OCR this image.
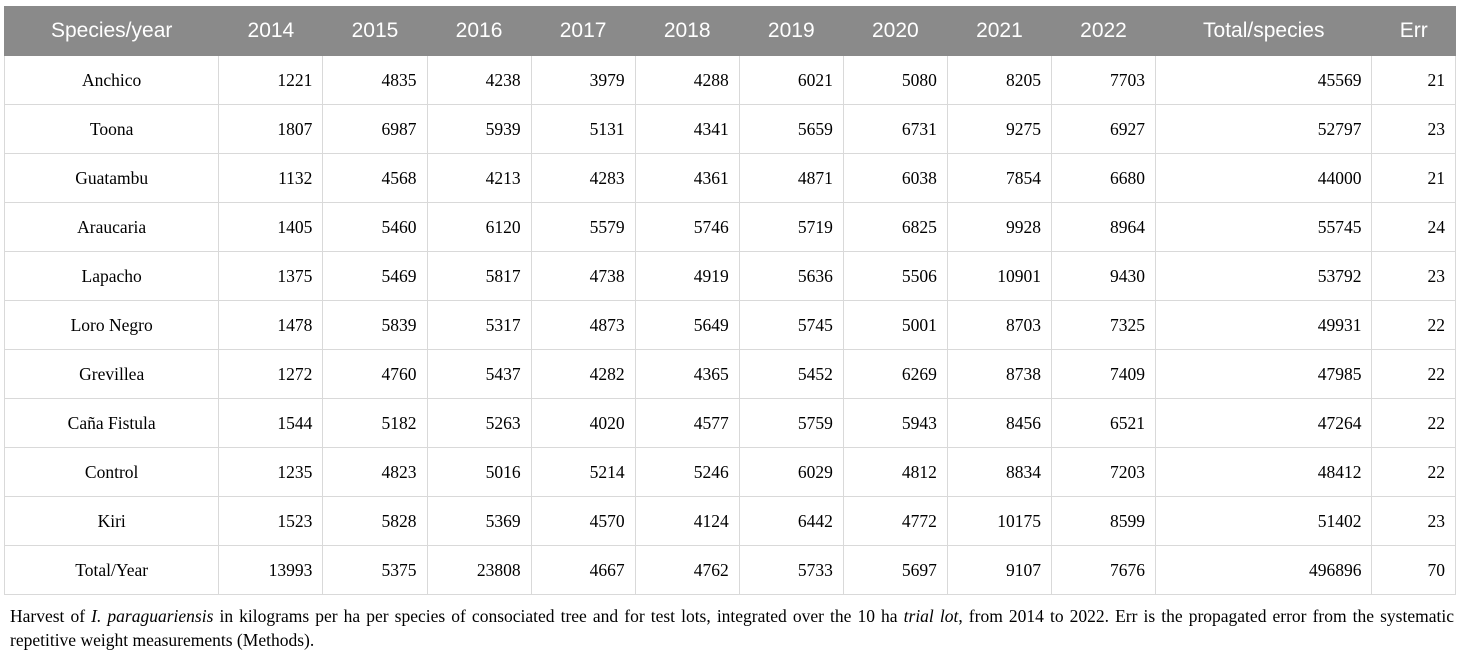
Species/year	2014	2015	2016	2017	2018	2019	2020	2021	2022	Total/species	Err
Anchico	1221	4835	4238	3979	4288	6021	5080	8205	7703	45569	21
Toona	1807	6987	5939	5131	4341	5659	6731	9275	6927	52797	23
Guatambu	1132	4568	4213	4283	4361	4871	6038	7854	6680	44000	21
Araucaria	1405	5460	6120	5579	5746	5719	6825	9928	8964	55745	24
Lapacho	1375	5469	5817	4738	4919	5636	5506	10901	9430	53792	23
Loro Negro	1478	5839	5317	4873	5649	5745	5001	8703	7325	49931	22
Grevillea	1272	4760	5437	4282	4365	5452	6269	8738	7409	47985	22
Caña Fistula	1544	5182	5263	4020	4577	5759	5943	8456	6521	47264	22
Control	1235	4823	5016	5214	5246	6029	4812	8834	7203	48412	22
Kiri	1523	5828	5369	4570	4124	6442	4772	10175	8599	51402	23
Total/Year	13993	5375	23808	4667	4762	5733	5697	9107	7676	496896	70
Harvest of I. paraguariensis in kilograms per ha per species of consociated tree and for test lots, integrated over the 10 ha trial lot, from 2014 to 2022. Err is the propagated error from the systematic repetitive weight measurements (Methods).
